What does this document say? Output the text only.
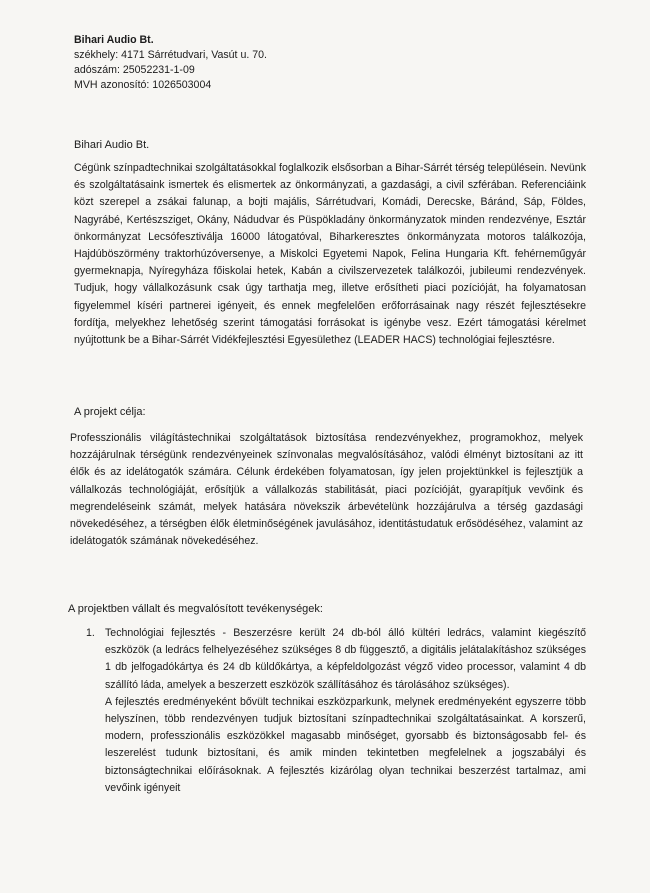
Bihari Audio Bt.
székhely: 4171 Sárrétudvari, Vasút u. 70.
adószám: 25052231-1-09
MVH azonosító: 1026503004
Bihari Audio Bt.
Cégünk színpadtechnikai szolgáltatásokkal foglalkozik elsősorban a Bihar-Sárrét térség településein. Nevünk és szolgáltatásaink ismertek és elismertek az önkormányzati, a gazdasági, a civil szférában. Referenciáink közt szerepel a zsákai falunap, a bojti majális, Sárrétudvari, Komádi, Derecske, Báránd, Sáp, Földes, Nagyrábé, Kertészsziget, Okány, Nádudvar és Püspökladány önkormányzatok minden rendezvénye, Esztár önkormányzat Lecsófesztiválja 16000 látogatóval, Biharkeresztes önkormányzata motoros találkozója, Hajdúböszörmény traktorhúzóversenye, a Miskolci Egyetemi Napok, Felina Hungaria Kft. fehérneműgyár gyermeknapja, Nyíregyháza főiskolai hetek, Kabán a civilszervezetek találkozói, jubileumi rendezvények. Tudjuk, hogy vállalkozásunk csak úgy tarthatja meg, illetve erősítheti piaci pozícióját, ha folyamatosan figyelemmel kíséri partnerei igényeit, és ennek megfelelően erőforrásainak nagy részét fejlesztésekre fordítja, melyekhez lehetőség szerint támogatási forrásokat is igénybe vesz. Ezért támogatási kérelmet nyújtottunk be a Bihar-Sárrét Vidékfejlesztési Egyesülethez (LEADER HACS) technológiai fejlesztésre.
A projekt célja:
Professzionális világítástechnikai szolgáltatások biztosítása rendezvényekhez, programokhoz, melyek hozzájárulnak térségünk rendezvényeinek színvonalas megvalósításához, valódi élményt biztosítani az itt élők és az idelátogatók számára. Célunk érdekében folyamatosan, így jelen projektünkkel is fejlesztjük a vállalkozás technológiáját, erősítjük a vállalkozás stabilitását, piaci pozícióját, gyarapítjuk vevőink és megrendeléseink számát, melyek hatására növekszik árbevételünk hozzájárulva a térség gazdasági növekedéséhez, a térségben élők életminőségének javulásához, identitástudatuk erősödéséhez, valamint az idelátogatók számának növekedéséhez.
A projektben vállalt és megvalósított tevékenységek:
1. Technológiai fejlesztés - Beszerzésre került 24 db-ból álló kültéri ledrács, valamint kiegészítő eszközök (a ledrács felhelyezéséhez szükséges 8 db függesztő, a digitális jelátalakításhoz szükséges 1 db jelfogadókártya és 24 db küldőkártya, a képfeldolgozást végző video processor, valamint 4 db szállító láda, amelyek a beszerzett eszközök szállításához és tárolásához szükséges).

A fejlesztés eredményeként bővült technikai eszközparkunk, melynek eredményeként egyszerre több helyszínen, több rendezvényen tudjuk biztosítani színpadtechnikai szolgáltatásainkat. A korszerű, modern, professzionális eszközökkel magasabb minőséget, gyorsabb és biztonságosabb fel- és leszerelést tudunk biztosítani, és amik minden tekintetben megfelelnek a jogszabályi és biztonságtechnikai előírásoknak. A fejlesztés kizárólag olyan technikai beszerzést tartalmaz, ami vevőink igényeit
